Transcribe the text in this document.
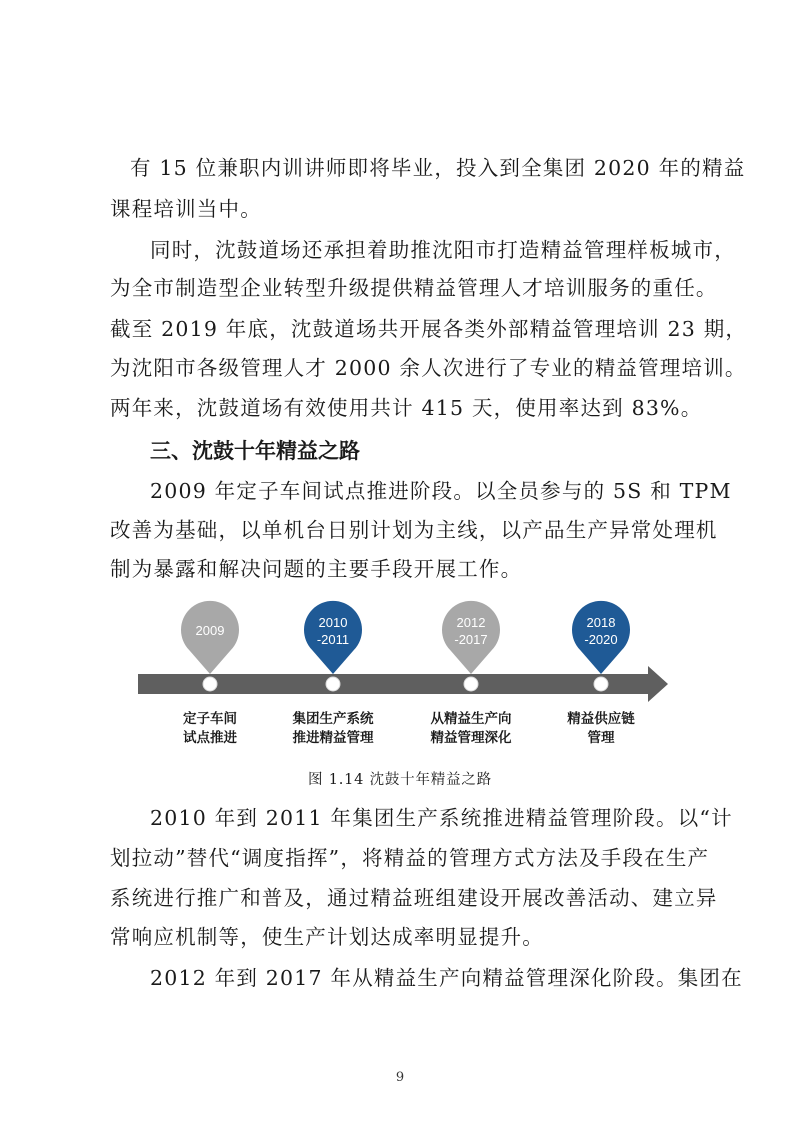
有 15 位兼职内训讲师即将毕业，投入到全集团 2020 年的精益
课程培训当中。
同时，沈鼓道场还承担着助推沈阳市打造精益管理样板城市，
为全市制造型企业转型升级提供精益管理人才培训服务的重任。
截至 2019 年底，沈鼓道场共开展各类外部精益管理培训 23 期，
为沈阳市各级管理人才 2000 余人次进行了专业的精益管理培训。
两年来，沈鼓道场有效使用共计 415 天，使用率达到 83%。
三、沈鼓十年精益之路
2009 年定子车间试点推进阶段。以全员参与的 5S 和 TPM
改善为基础，以单机台日别计划为主线，以产品生产异常处理机
制为暴露和解决问题的主要手段开展工作。
2009
2010
-2011
2012
-2017
2018
-2020
定子车间
试点推进
集团生产系统
推进精益管理
从精益生产向
精益管理深化
精益供应链
管理
图 1.14 沈鼓十年精益之路
2010 年到 2011 年集团生产系统推进精益管理阶段。以“计
划拉动”替代“调度指挥”，将精益的管理方式方法及手段在生产
系统进行推广和普及，通过精益班组建设开展改善活动、建立异
常响应机制等，使生产计划达成率明显提升。
2012 年到 2017 年从精益生产向精益管理深化阶段。集团在
9
